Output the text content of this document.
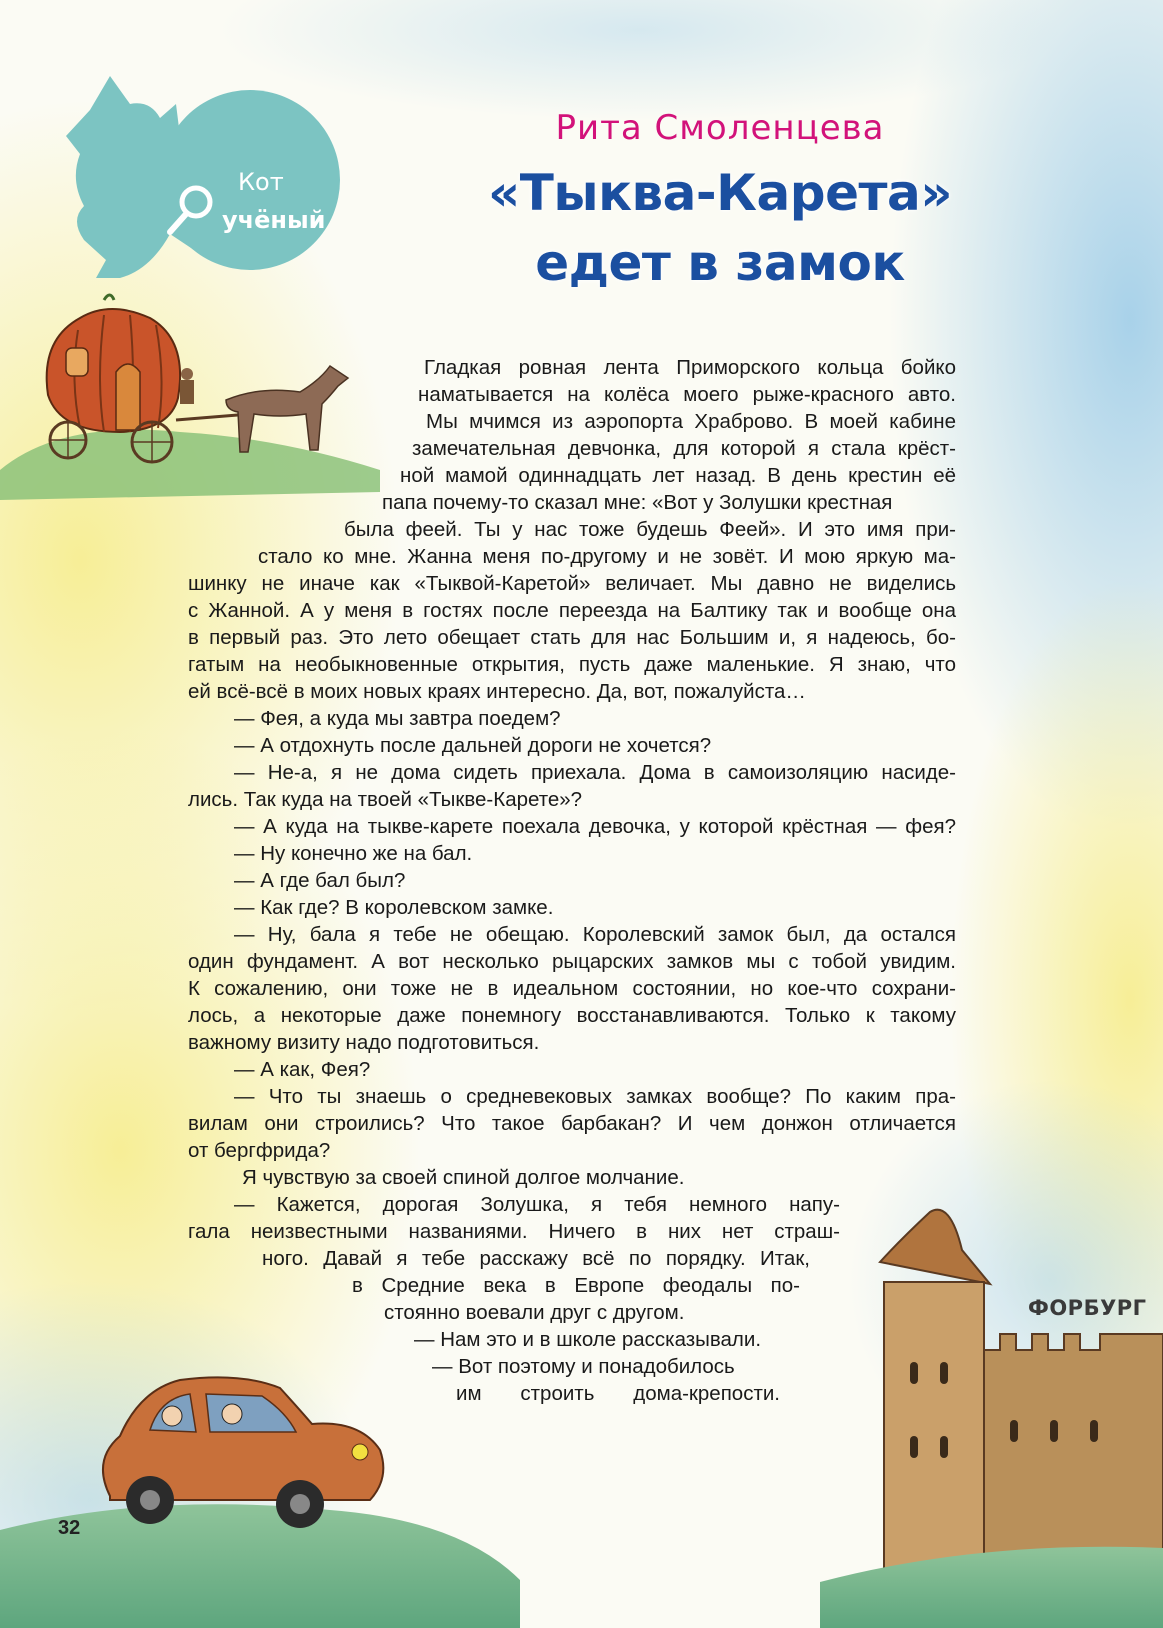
Кот
учёный
Рита Смоленцева
«Тыква-Карета»
едет в замок
Гладкая ровная лента Приморского кольца бойко
наматывается на колёса моего рыже-красного авто.
Мы мчимся из аэропорта Храброво. В моей кабине
замечательная девчонка, для которой я стала крёст-
ной мамой одиннадцать лет назад. В день крестин её
папа почему-то сказал мне: «Вот у Золушки крестная
была феей. Ты у нас тоже будешь Феей». И это имя при-
стало ко мне. Жанна меня по-другому и не зовёт. И мою яркую ма-
шинку не иначе как «Тыквой-Каретой» величает. Мы давно не виделись
с Жанной. А у меня в гостях после переезда на Балтику так и вообще она
в первый раз. Это лето обещает стать для нас Большим и, я надеюсь, бо-
гатым на необыкновенные открытия, пусть даже маленькие. Я знаю, что
ей всё-всё в моих новых краях интересно. Да, вот, пожалуйста…
— Фея, а куда мы завтра поедем?
— А отдохнуть после дальней дороги не хочется?
— Не-а, я не дома сидеть приехала. Дома в самоизоляцию насиде-
лись. Так куда на твоей «Тыкве-Карете»?
— А куда на тыкве-карете поехала девочка, у которой крёстная — фея?
— Ну конечно же на бал.
— А где бал был?
— Как где? В королевском замке.
— Ну, бала я тебе не обещаю. Королевский замок был, да остался
один фундамент. А вот несколько рыцарских замков мы с тобой увидим.
К сожалению, они тоже не в идеальном состоянии, но кое-что сохрани-
лось, а некоторые даже понемногу восстанавливаются. Только к такому
важному визиту надо подготовиться.
— А как, Фея?
— Что ты знаешь о средневековых замках вообще? По каким пра-
вилам они строились? Что такое барбакан? И чем донжон отличается
от бергфрида?
Я чувствую за своей спиной долгое молчание.
— Кажется, дорогая Золушка, я тебя немного напу-
гала неизвестными названиями. Ничего в них нет страш-
ного. Давай я тебе расскажу всё по порядку. Итак,
в Средние века в Европе феодалы по-
стоянно воевали друг с другом.
— Нам это и в школе рассказывали.
— Вот поэтому и понадобилось
им строить дома-крепости.
ФОРБУРГ
32
